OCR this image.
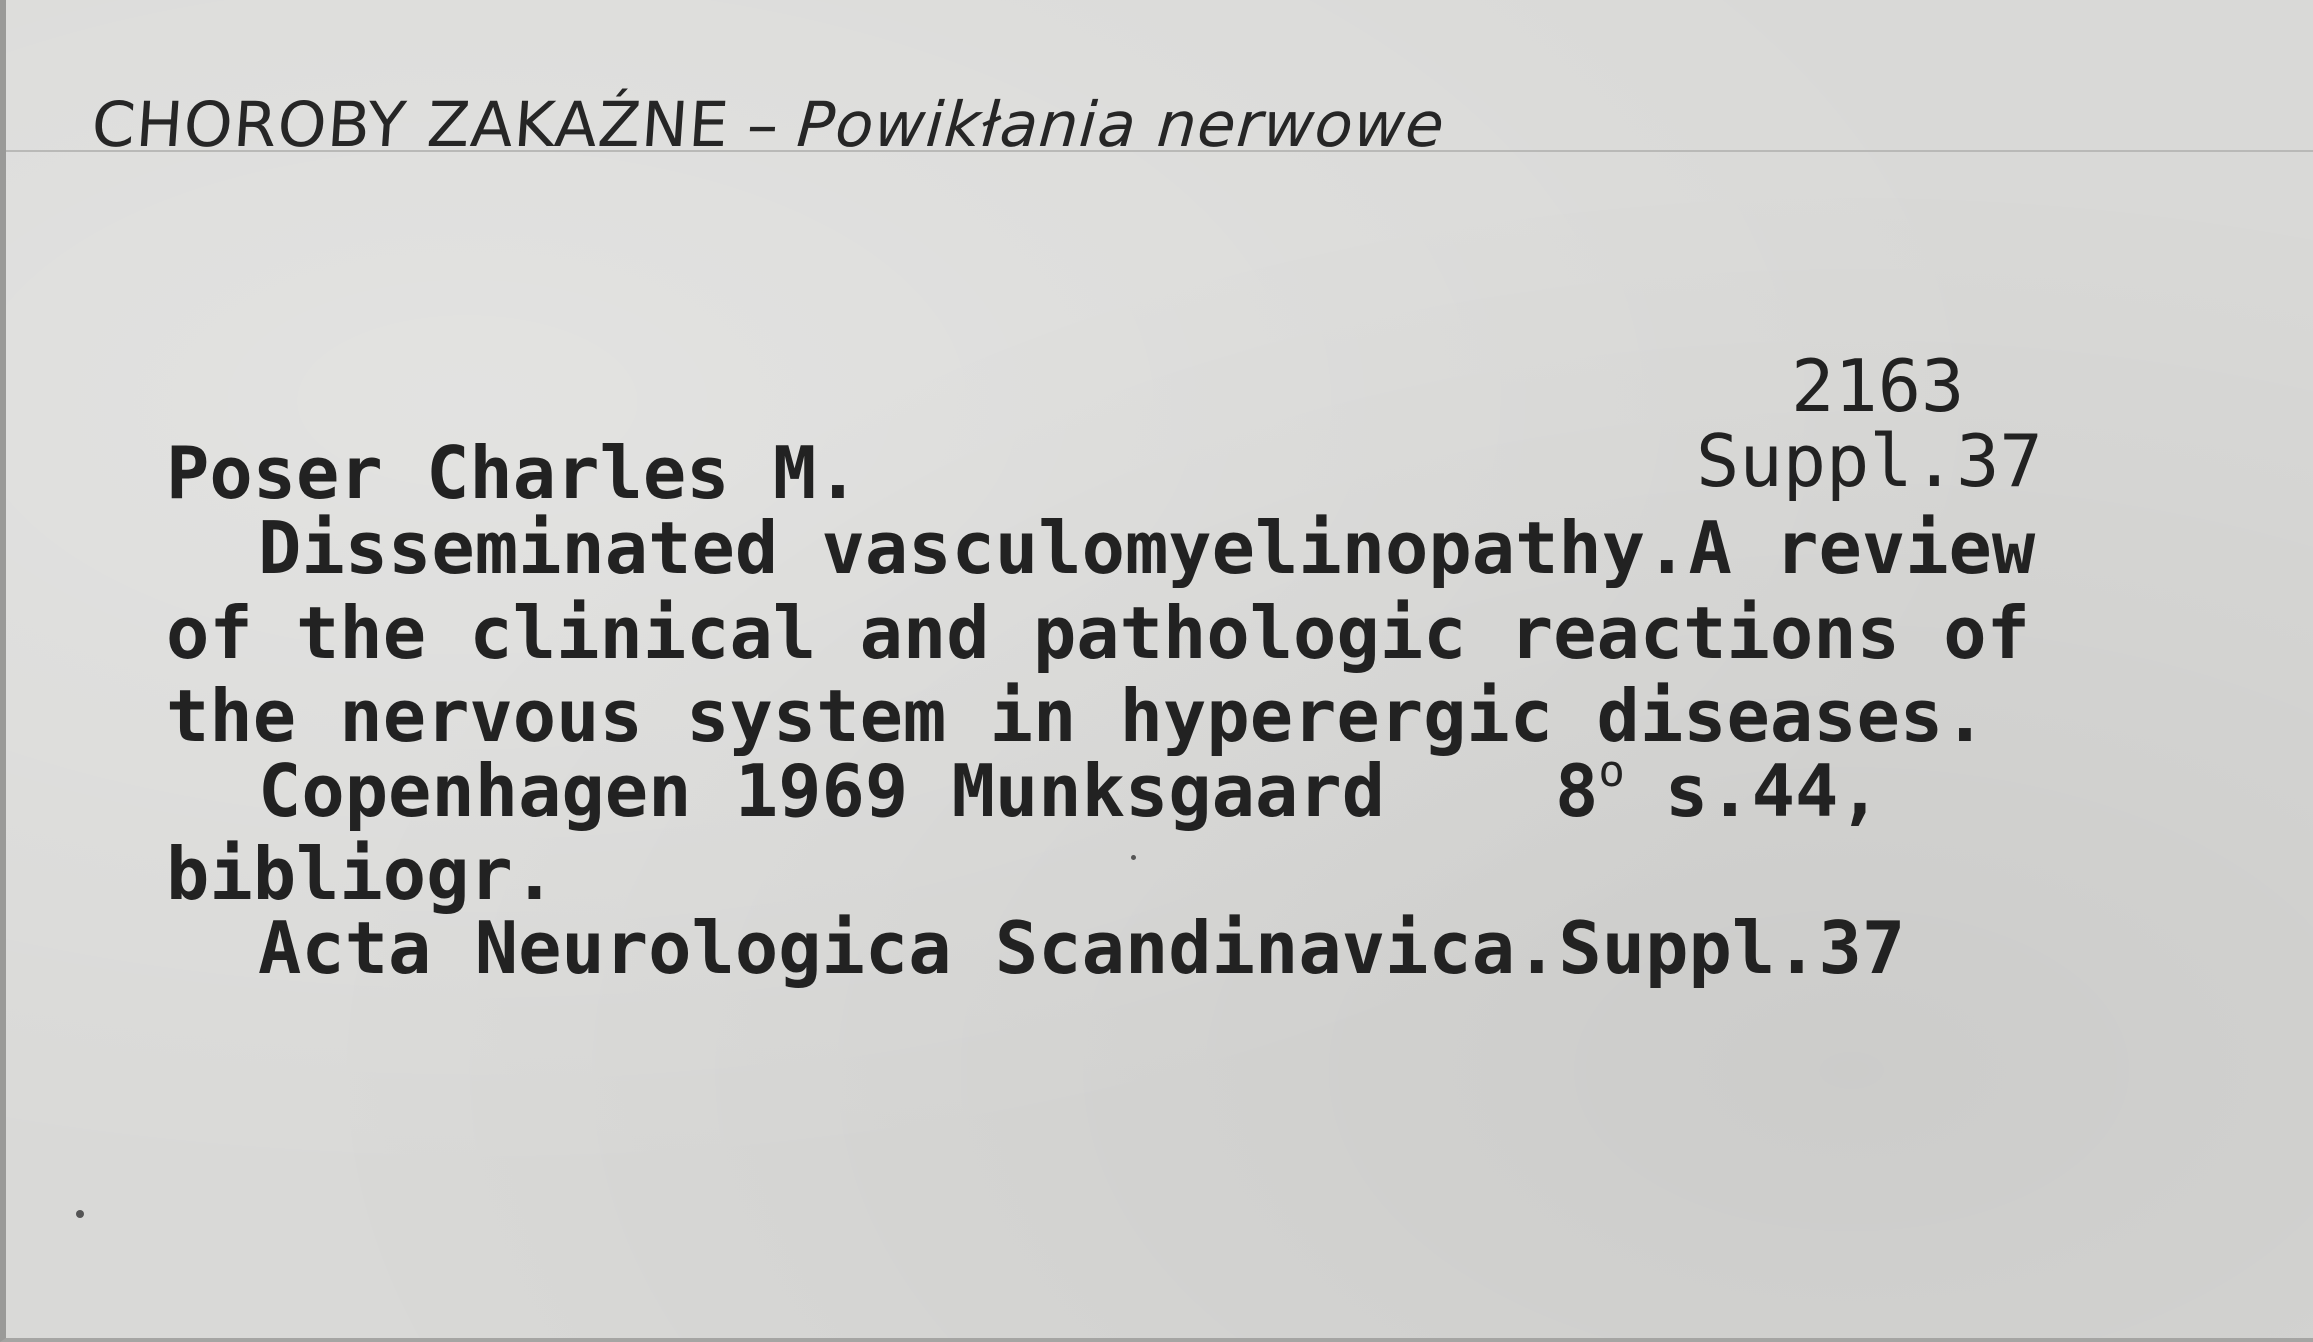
CHOROBY ZAKAŹNE – Powikłania nerwowe
2163
Poser Charles M.	Suppl.37
Disseminated vasculomyelinopathy.A review
of the clinical and pathologic reactions of
the nervous system in hyperergic diseases.
Copenhagen 1969 Munksgaard 8$^o$ s.44,
bibliogr.
Acta Neurologica Scandinavica.Suppl.37
